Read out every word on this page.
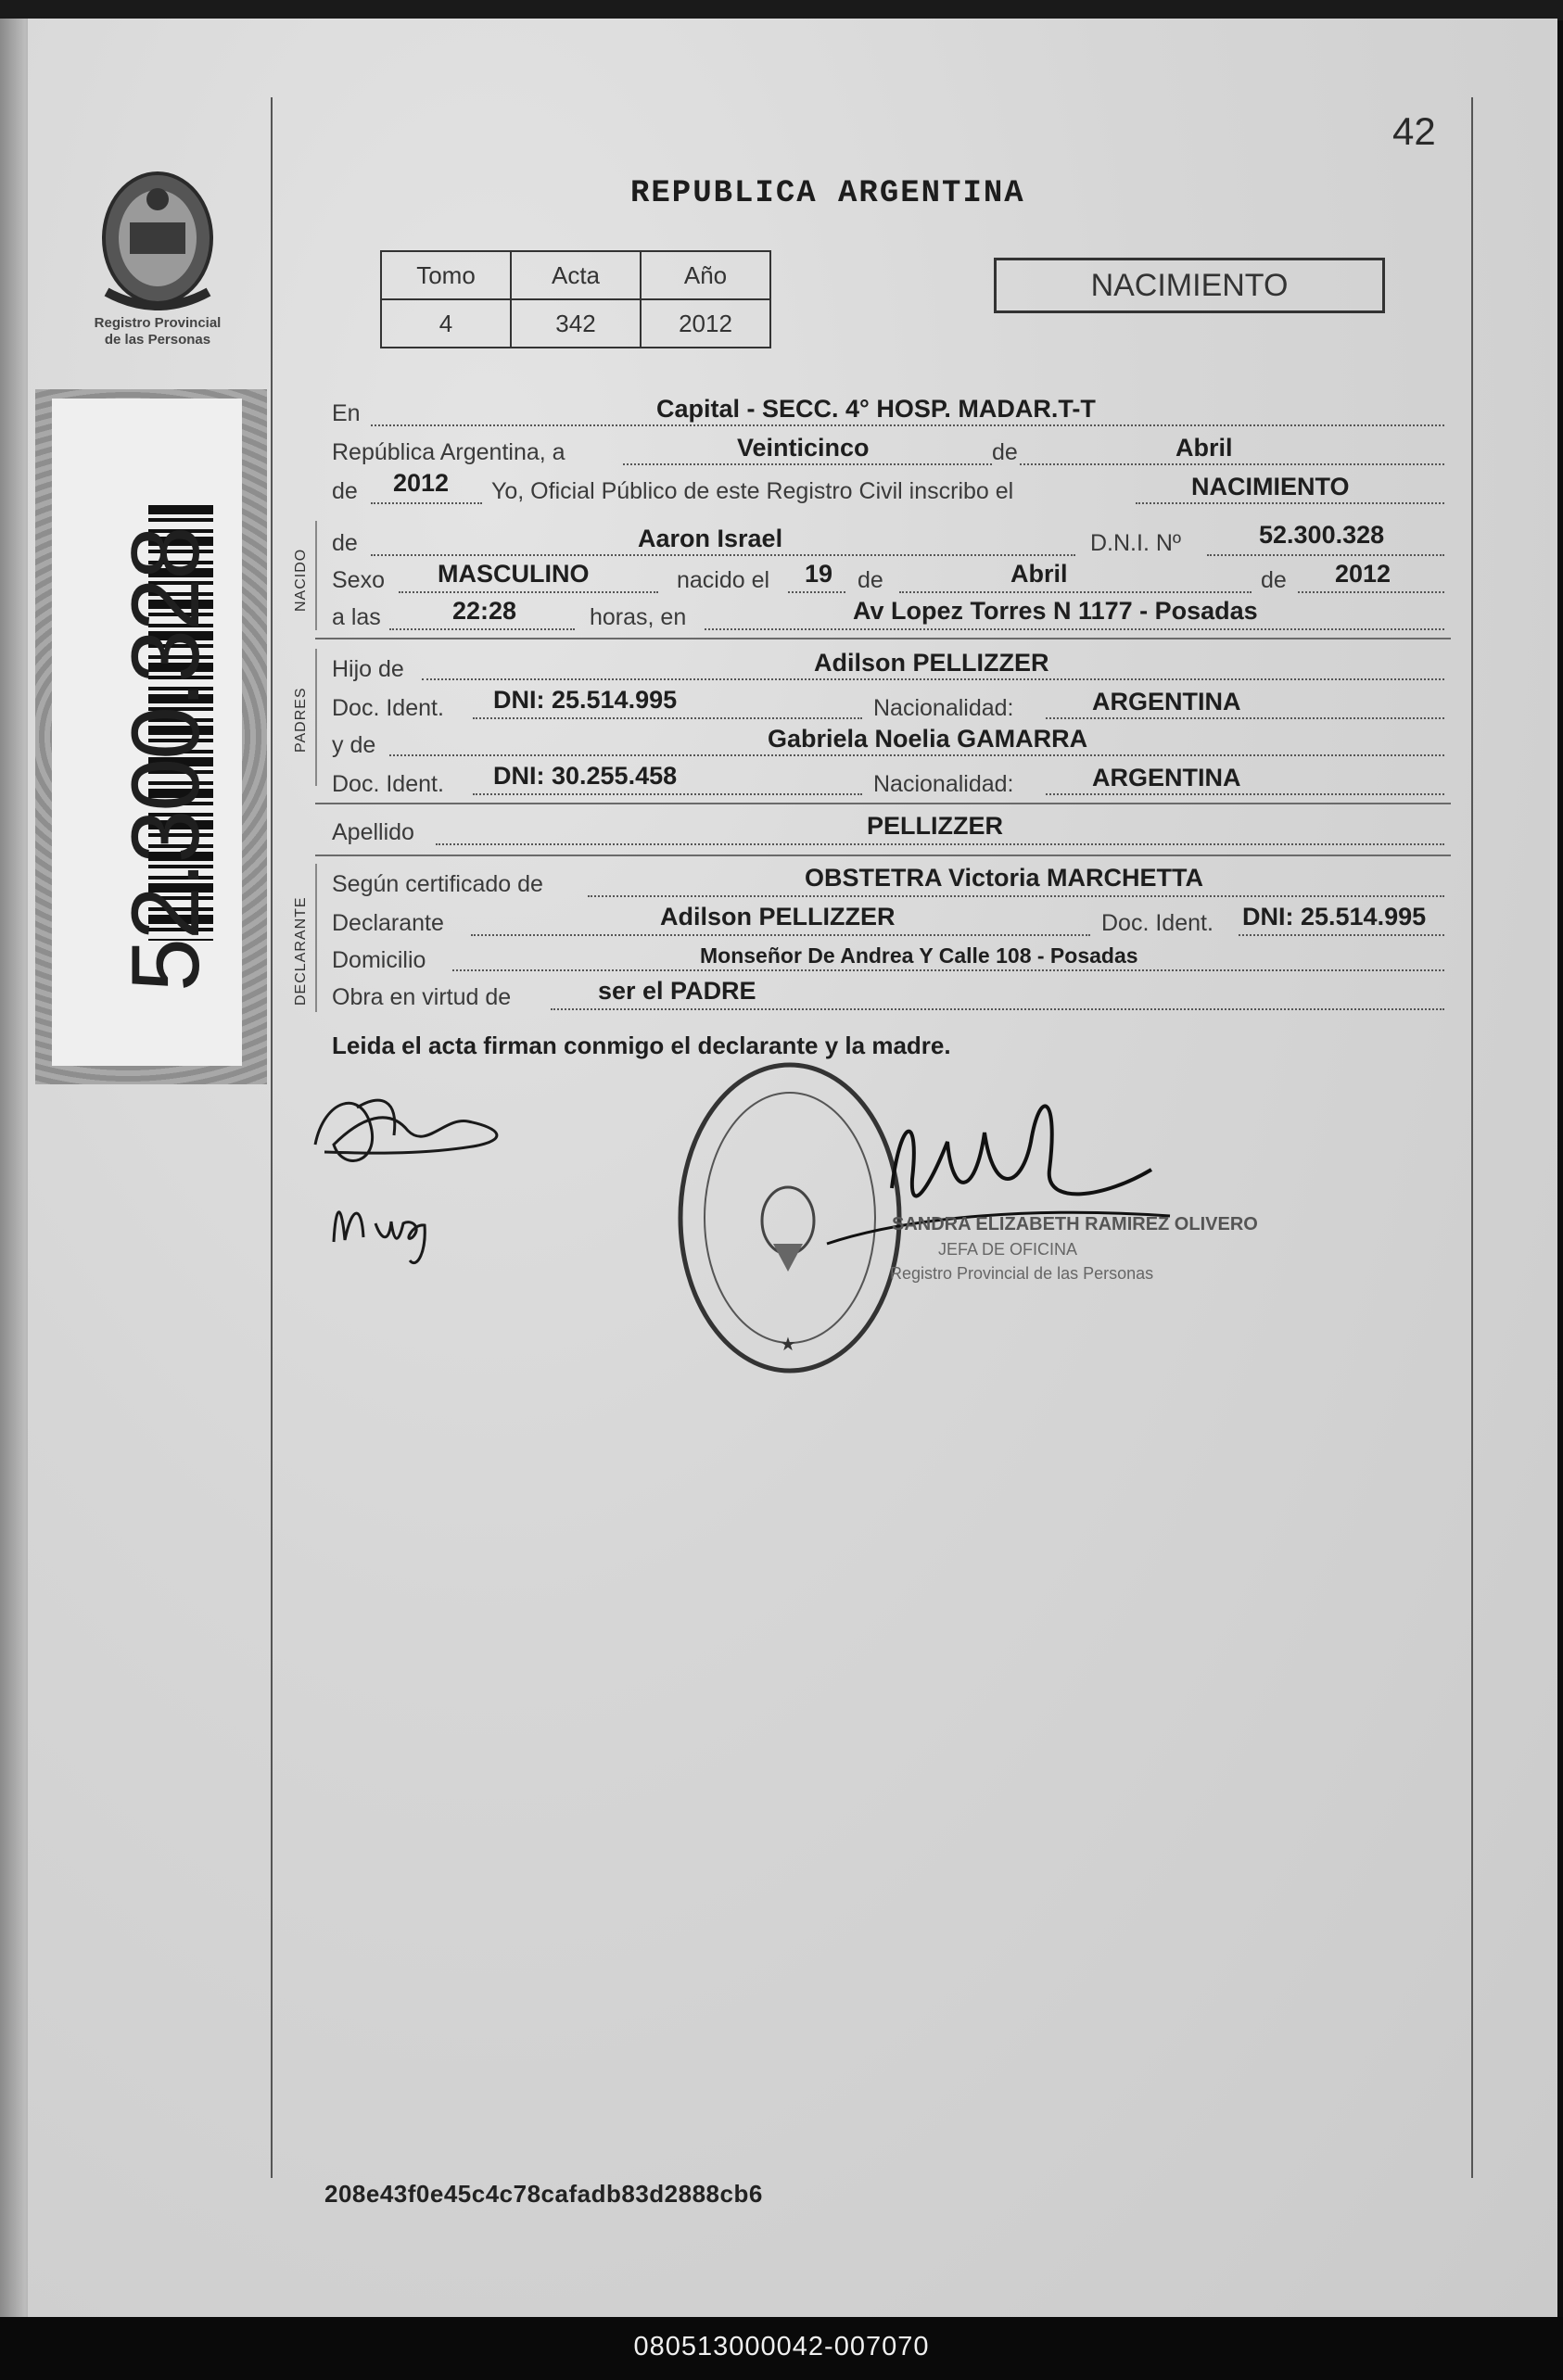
42
Registro Provincial
de las Personas
52.300.328
REPUBLICA ARGENTINA
Tomo	Acta	Año
4	342	2012
NACIMIENTO
En	Capital - SECC. 4° HOSP. MADAR.T-T
República Argentina, a	Veinticinco	de	Abril
de 2012 Yo, Oficial Público de este Registro Civil inscribo el	NACIMIENTO
NACIDO
de	Aaron Israel	D.N.I. Nº	52.300.328
Sexo MASCULINO	nacido el 19 de	Abril	de 2012
a las	22:28	horas, en	Av Lopez Torres N 1177 - Posadas
PADRES
Hijo de	Adilson PELLIZZER
Doc. Ident. DNI: 25.514.995	Nacionalidad:	ARGENTINA
y de	Gabriela Noelia GAMARRA
Doc. Ident. DNI: 30.255.458	Nacionalidad:	ARGENTINA
Apellido	PELLIZZER
DECLARANTE
Según certificado de	OBSTETRA Victoria MARCHETTA
Declarante	Adilson PELLIZZER	Doc. Ident. DNI: 25.514.995
Domicilio	Monseñor De Andrea Y Calle 108 - Posadas
Obra en virtud de	ser el PADRE
Leida el acta firman conmigo el declarante y la madre.
★
SANDRA ELIZABETH RAMIREZ OLIVERO
JEFA DE OFICINA
Registro Provincial de las Personas
208e43f0e45c4c78cafadb83d2888cb6
080513000042-007070
